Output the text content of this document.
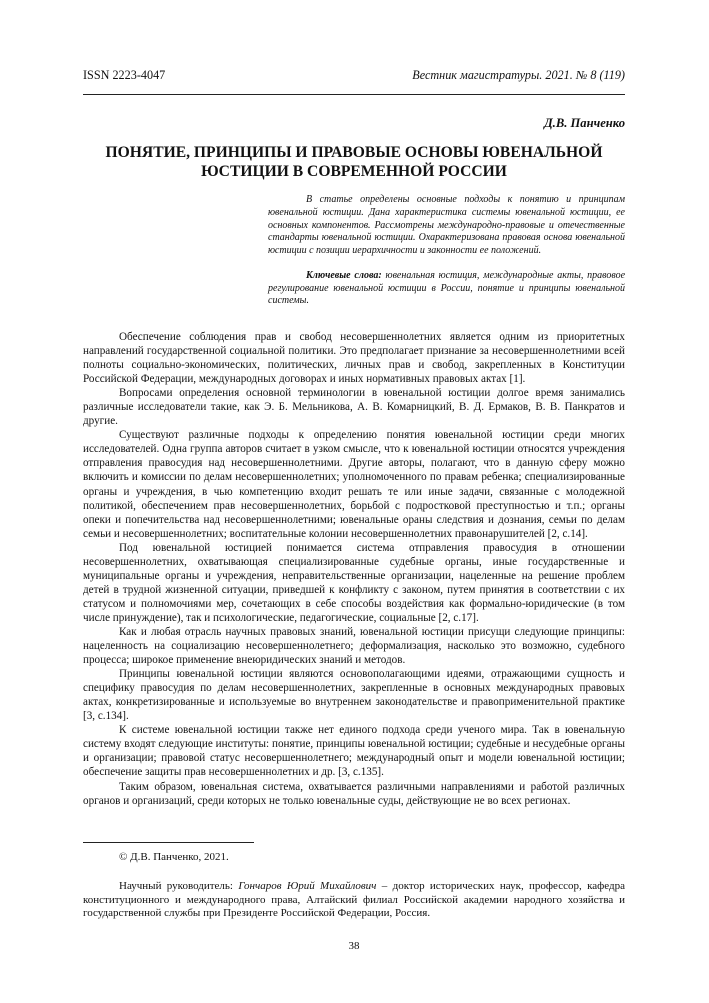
ISSN 2223-4047	Вестник магистратуры. 2021. № 8 (119)
Д.В. Панченко
ПОНЯТИЕ, ПРИНЦИПЫ И ПРАВОВЫЕ ОСНОВЫ ЮВЕНАЛЬНОЙ ЮСТИЦИИ В СОВРЕМЕННОЙ РОССИИ

В статье определены основные подходы к понятию и принципам ювенальной юстиции. Дана характеристика системы ювенальной юстиции, ее основных компонентов. Рассмотрены международно-правовые и отечественные стандарты ювенальной юстиции. Охарактеризована правовая основа ювенальной юстиции с позиции иерархичности и законности ее положений.

Ключевые слова: ювенальная юстиция, международные акты, правовое регулирование ювенальной юстиции в России, понятие и принципы ювенальной системы.

Обеспечение соблюдения прав и свобод несовершеннолетних является одним из приоритетных направлений государственной социальной политики. Это предполагает признание за несовершеннолетними всей полноты социально-экономических, политических, личных прав и свобод, закрепленных в Конституции Российской Федерации, международных договорах и иных нормативных правовых актах [1].

Вопросами определения основной терминологии в ювенальной юстиции долгое время занимались различные исследователи такие, как Э. Б. Мельникова, А. В. Комарницкий, В. Д. Ермаков, В. В. Панкратов и другие.

Существуют различные подходы к определению понятия ювенальной юстиции среди многих исследователей. Одна группа авторов считает в узком смысле, что к ювенальной юстиции относятся учреждения отправления правосудия над несовершеннолетними. Другие авторы, полагают, что в данную сферу можно включить и комиссии по делам несовершеннолетних; уполномоченного по правам ребенка; специализированные органы и учреждения, в чью компетенцию входит решать те или иные задачи, связанные с молодежной политикой, обеспечением прав несовершеннолетних, борьбой с подростковой преступностью и т.п.; органы опеки и попечительства над несовершеннолетними; ювенальные ораны следствия и дознания, семьи по делам семьи и несовершеннолетних; воспитательные колонии несовершеннолетних правонарушителей [2, с.14].

Под ювенальной юстицией понимается система отправления правосудия в отношении несовершеннолетних, охватывающая специализированные судебные органы, иные государственные и муниципальные органы и учреждения, неправительственные организации, нацеленные на решение проблем детей в трудной жизненной ситуации, приведшей к конфликту с законом, путем принятия в соответствии с их статусом и полномочиями мер, сочетающих в себе способы воздействия как формально-юридические (в том числе принуждение), так и психологические, педагогические, социальные [2, с.17].

Как и любая отрасль научных правовых знаний, ювенальной юстиции присущи следующие принципы: нацеленность на социализацию несовершеннолетнего; деформализация, насколько это возможно, судебного процесса; широкое применение внеюридических знаний и методов.

Принципы ювенальной юстиции являются основополагающими идеями, отражающими сущность и специфику правосудия по делам несовершеннолетних, закрепленные в основных международных правовых актах, конкретизированные и используемые во внутреннем законодательстве и правоприменительной практике [3, с.134].

К системе ювенальной юстиции также нет единого подхода среди ученого мира. Так в ювенальную систему входят следующие институты: понятие, принципы ювенальной юстиции; судебные и несудебные органы и организации; правовой статус несовершеннолетнего; международный опыт и модели ювенальной юстиции; обеспечение защиты прав несовершеннолетних и др. [3, с.135].

Таким образом, ювенальная система, охватывается различными направлениями и работой различных органов и организаций, среди которых не только ювенальные суды, действующие не во всех регионах.

© Д.В. Панченко, 2021.

Научный руководитель: Гончаров Юрий Михайлович – доктор исторических наук, профессор, кафедра конституционного и международного права, Алтайский филиал Российской академии народного хозяйства и государственной службы при Президенте Российской Федерации, Россия.

38
